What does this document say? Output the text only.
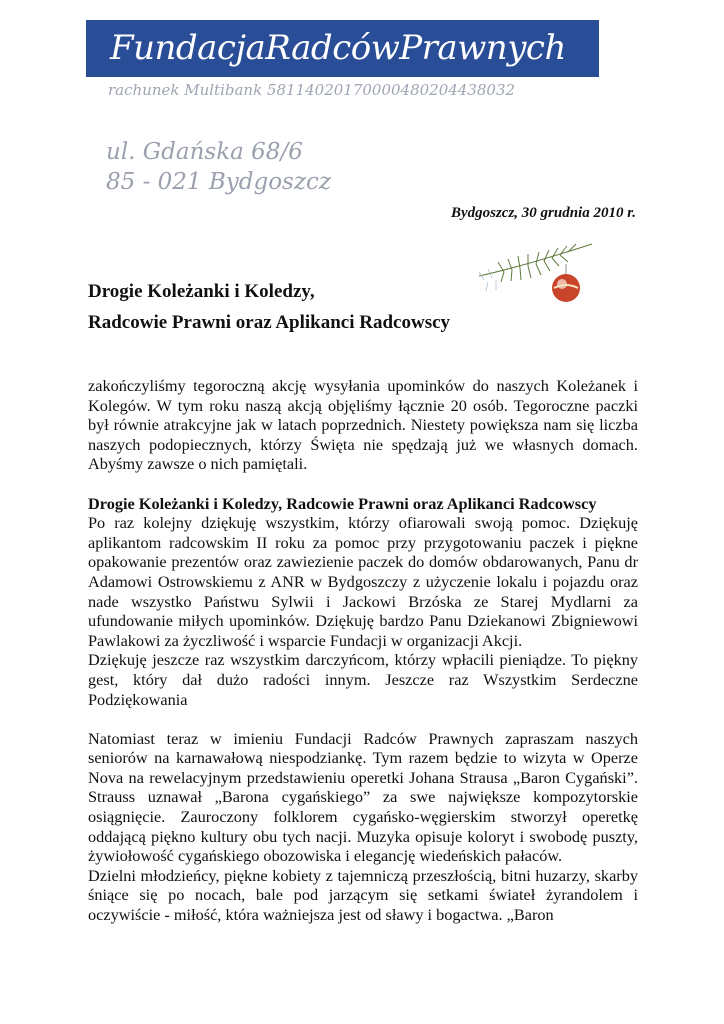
FundacjaRadcówPrawnych
rachunek Multibank 58114020170000480204438032
ul. Gdańska 68/6
85 - 021 Bydgoszcz
Bydgoszcz, 30 grudnia 2010 r.
Drogie Koleżanki i Koledzy,
Radcowie Prawni oraz Aplikanci Radcowscy

zakończyliśmy tegoroczną akcję wysyłania upominków do naszych Koleżanek i Kolegów. W tym roku naszą akcją objęliśmy łącznie 20 osób. Tegoroczne paczki był równie atrakcyjne jak w latach poprzednich. Niestety powiększa nam się liczba naszych podopiecznych, którzy Święta nie spędzają już we własnych domach. Abyśmy zawsze o nich pamiętali.

Drogie Koleżanki i Koledzy, Radcowie Prawni oraz Aplikanci Radcowscy

Po raz kolejny dziękuję wszystkim, którzy ofiarowali swoją pomoc. Dziękuję aplikantom radcowskim II roku za pomoc przy przygotowaniu paczek i piękne opakowanie prezentów oraz zawiezienie paczek do domów obdarowanych, Panu dr Adamowi Ostrowskiemu z ANR w Bydgoszczy z użyczenie lokalu i pojazdu oraz nade wszystko Państwu Sylwii i Jackowi Brzóska ze Starej Mydlarni za ufundowanie miłych upominków. Dziękuję bardzo Panu Dziekanowi Zbigniewowi Pawlakowi za życzliwość i wsparcie Fundacji w organizacji Akcji.

Dziękuję jeszcze raz wszystkim darczyńcom, którzy wpłacili pieniądze. To piękny gest, który dał dużo radości innym. Jeszcze raz Wszystkim Serdeczne Podziękowania

Natomiast teraz w imieniu Fundacji Radców Prawnych zapraszam naszych seniorów na karnawałową niespodziankę. Tym razem będzie to wizyta w Operze Nova na rewelacyjnym przedstawieniu operetki Johana Strausa „Baron Cygański”. Strauss uznawał „Barona cygańskiego” za swe największe kompozytorskie osiągnięcie. Zauroczony folklorem cygańsko-węgierskim stworzył operetkę oddającą piękno kultury obu tych nacji. Muzyka opisuje koloryt i swobodę puszty, żywiołowość cygańskiego obozowiska i elegancję wiedeńskich pałaców.

Dzielni młodzieńcy, piękne kobiety z tajemniczą przeszłością, bitni huzarzy, skarby śniące się po nocach, bale pod jarzącym się setkami świateł żyrandolem i oczywiście - miłość, która ważniejsza jest od sławy i bogactwa. „Baron
